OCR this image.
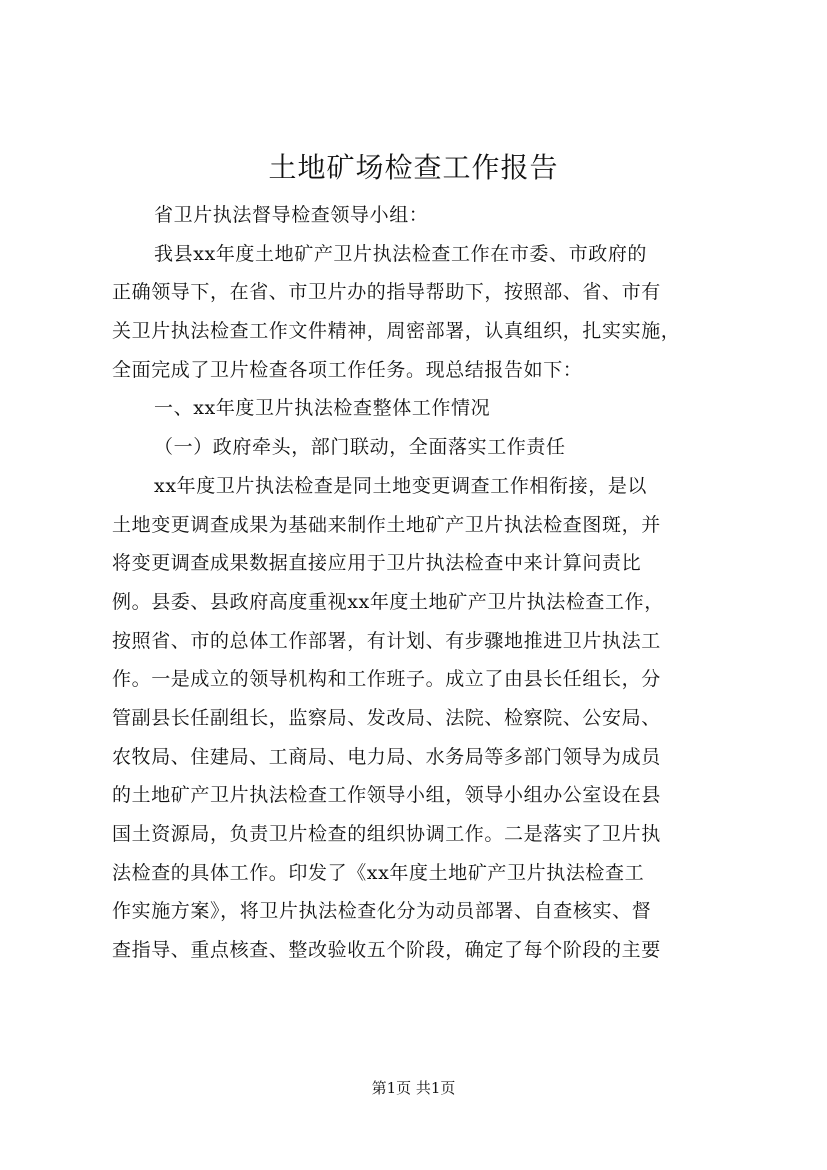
土地矿场检查工作报告
省卫片执法督导检查领导小组：
我县xx年度土地矿产卫片执法检查工作在市委、市政府的
正确领导下，在省、市卫片办的指导帮助下，按照部、省、市有
关卫片执法检查工作文件精神，周密部署，认真组织，扎实实施，
全面完成了卫片检查各项工作任务。现总结报告如下：
一、xx年度卫片执法检查整体工作情况
（一）政府牵头，部门联动，全面落实工作责任
xx年度卫片执法检查是同土地变更调查工作相衔接，是以
土地变更调查成果为基础来制作土地矿产卫片执法检查图斑，并
将变更调查成果数据直接应用于卫片执法检查中来计算问责比
例。县委、县政府高度重视xx年度土地矿产卫片执法检查工作，
按照省、市的总体工作部署，有计划、有步骤地推进卫片执法工
作。一是成立的领导机构和工作班子。成立了由县长任组长，分
管副县长任副组长，监察局、发改局、法院、检察院、公安局、
农牧局、住建局、工商局、电力局、水务局等多部门领导为成员
的土地矿产卫片执法检查工作领导小组，领导小组办公室设在县
国土资源局，负责卫片检查的组织协调工作。二是落实了卫片执
法检查的具体工作。印发了《xx年度土地矿产卫片执法检查工
作实施方案》，将卫片执法检查化分为动员部署、自查核实、督
查指导、重点核查、整改验收五个阶段，确定了每个阶段的主要
第1页 共1页
